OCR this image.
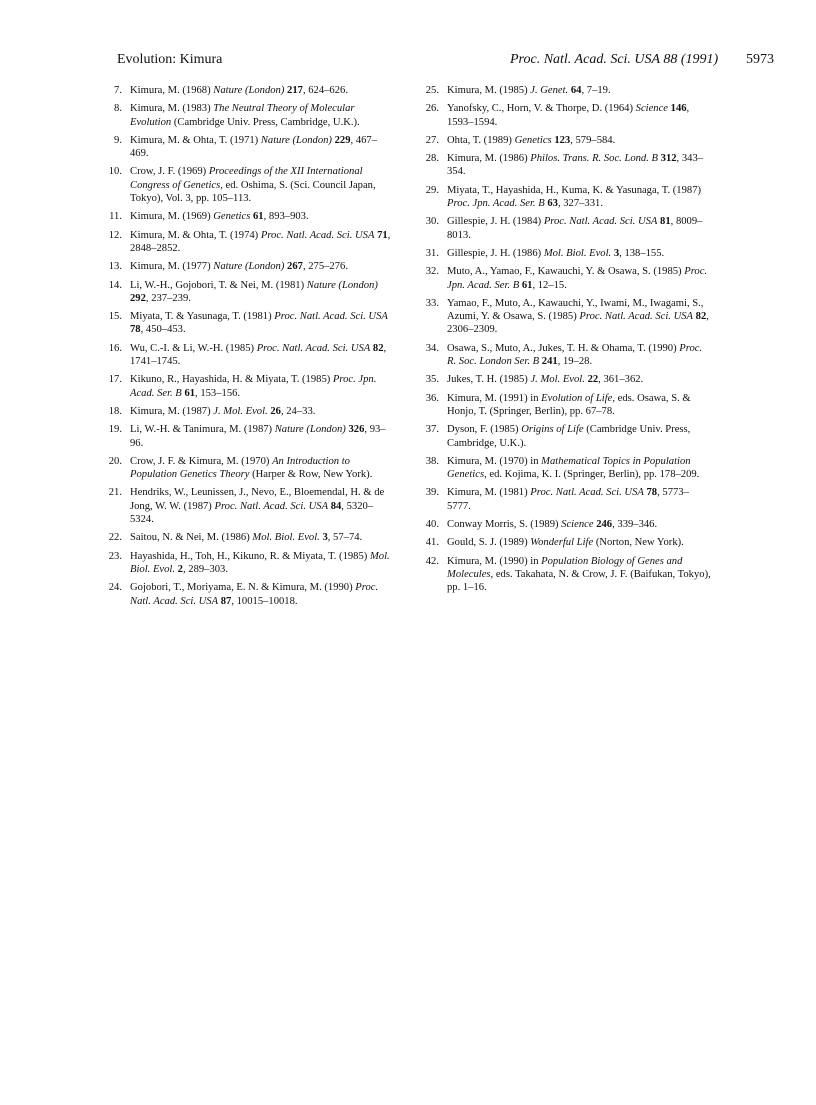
Evolution: Kimura	Proc. Natl. Acad. Sci. USA 88 (1991) 5973
7. Kimura, M. (1968) Nature (London) 217, 624–626.
8. Kimura, M. (1983) The Neutral Theory of Molecular Evolution (Cambridge Univ. Press, Cambridge, U.K.).
9. Kimura, M. & Ohta, T. (1971) Nature (London) 229, 467–469.
10. Crow, J. F. (1969) Proceedings of the XII International Congress of Genetics, ed. Oshima, S. (Sci. Council Japan, Tokyo), Vol. 3, pp. 105–113.
11. Kimura, M. (1969) Genetics 61, 893–903.
12. Kimura, M. & Ohta, T. (1974) Proc. Natl. Acad. Sci. USA 71, 2848–2852.
13. Kimura, M. (1977) Nature (London) 267, 275–276.
14. Li, W.-H., Gojobori, T. & Nei, M. (1981) Nature (London) 292, 237–239.
15. Miyata, T. & Yasunaga, T. (1981) Proc. Natl. Acad. Sci. USA 78, 450–453.
16. Wu, C.-I. & Li, W.-H. (1985) Proc. Natl. Acad. Sci. USA 82, 1741–1745.
17. Kikuno, R., Hayashida, H. & Miyata, T. (1985) Proc. Jpn. Acad. Ser. B 61, 153–156.
18. Kimura, M. (1987) J. Mol. Evol. 26, 24–33.
19. Li, W.-H. & Tanimura, M. (1987) Nature (London) 326, 93–96.
20. Crow, J. F. & Kimura, M. (1970) An Introduction to Population Genetics Theory (Harper & Row, New York).
21. Hendriks, W., Leunissen, J., Nevo, E., Bloemendal, H. & de Jong, W. W. (1987) Proc. Natl. Acad. Sci. USA 84, 5320–5324.
22. Saitou, N. & Nei, M. (1986) Mol. Biol. Evol. 3, 57–74.
23. Hayashida, H., Toh, H., Kikuno, R. & Miyata, T. (1985) Mol. Biol. Evol. 2, 289–303.
24. Gojobori, T., Moriyama, E. N. & Kimura, M. (1990) Proc. Natl. Acad. Sci. USA 87, 10015–10018.
25. Kimura, M. (1985) J. Genet. 64, 7–19.
26. Yanofsky, C., Horn, V. & Thorpe, D. (1964) Science 146, 1593–1594.
27. Ohta, T. (1989) Genetics 123, 579–584.
28. Kimura, M. (1986) Philos. Trans. R. Soc. Lond. B 312, 343–354.
29. Miyata, T., Hayashida, H., Kuma, K. & Yasunaga, T. (1987) Proc. Jpn. Acad. Ser. B 63, 327–331.
30. Gillespie, J. H. (1984) Proc. Natl. Acad. Sci. USA 81, 8009–8013.
31. Gillespie, J. H. (1986) Mol. Biol. Evol. 3, 138–155.
32. Muto, A., Yamao, F., Kawauchi, Y. & Osawa, S. (1985) Proc. Jpn. Acad. Ser. B 61, 12–15.
33. Yamao, F., Muto, A., Kawauchi, Y., Iwami, M., Iwagami, S., Azumi, Y. & Osawa, S. (1985) Proc. Natl. Acad. Sci. USA 82, 2306–2309.
34. Osawa, S., Muto, A., Jukes, T. H. & Ohama, T. (1990) Proc. R. Soc. London Ser. B 241, 19–28.
35. Jukes, T. H. (1985) J. Mol. Evol. 22, 361–362.
36. Kimura, M. (1991) in Evolution of Life, eds. Osawa, S. & Honjo, T. (Springer, Berlin), pp. 67–78.
37. Dyson, F. (1985) Origins of Life (Cambridge Univ. Press, Cambridge, U.K.).
38. Kimura, M. (1970) in Mathematical Topics in Population Genetics, ed. Kojima, K. I. (Springer, Berlin), pp. 178–209.
39. Kimura, M. (1981) Proc. Natl. Acad. Sci. USA 78, 5773–5777.
40. Conway Morris, S. (1989) Science 246, 339–346.
41. Gould, S. J. (1989) Wonderful Life (Norton, New York).
42. Kimura, M. (1990) in Population Biology of Genes and Molecules, eds. Takahata, N. & Crow, J. F. (Baifukan, Tokyo), pp. 1–16.
